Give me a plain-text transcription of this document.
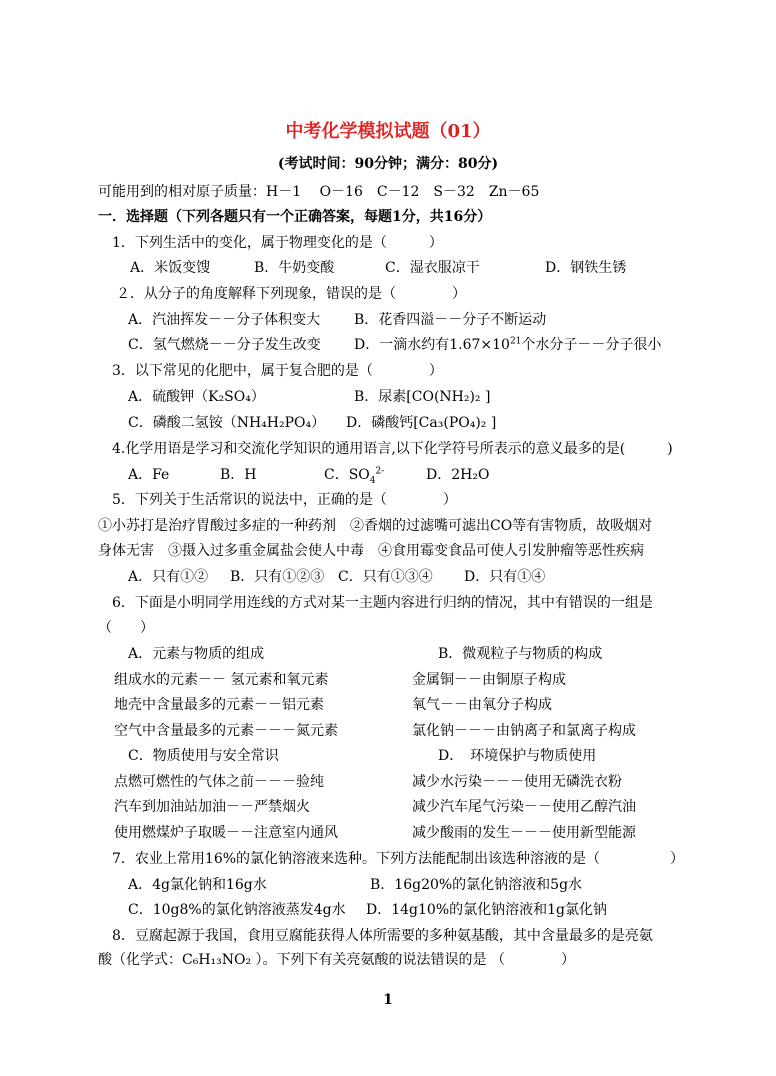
中考化学模拟试题（01）
(考试时间：90分钟；满分：80分)
可能用到的相对原子质量：H－1　 O－16　C－12　S－32　Zn－65
一．选择题（下列各题只有一个正确答案，每题1分，共16分）
1．下列生活中的变化，属于物理变化的是（　　　）
A．米饭变馊	B．牛奶变酸	C．湿衣服凉干	D．钢铁生锈
２．从分子的角度解释下列现象，错误的是（　　　　）
A．汽油挥发－－分子体积变大 B．花香四溢－－分子不断运动
C．氢气燃烧－－分子发生改变 D．一滴水约有$1.67\times 10^{21}$个水分子－－分子很小
3．以下常见的化肥中，属于复合肥的是（　　　　）
A．硫酸钾（K₂SO₄）	B．尿素[CO(NH₂)₂ ]
C．磷酸二氢铵（NH₄H₂PO₄） D．磷酸钙[Ca₃(PO₄)₂ ]
4.化学用语是学习和交流化学知识的通用语言,以下化学符号所表示的意义最多的是(　　　)
A．Fe	B．H	C．$SO_4^{2-}$	D．2H₂O
5．下列关于生活常识的说法中，正确的是（　　　　）
①小苏打是治疗胃酸过多症的一种药剂　②香烟的过滤嘴可滤出CO等有害物质，故吸烟对
身体无害　③摄入过多重金属盐会使人中毒　④食用霉变食品可使人引发肿瘤等恶性疾病
A．只有①② B．只有①②③ C．只有①③④ D．只有①④
6．下面是小明同学用连线的方式对某一主题内容进行归纳的情况，其中有错误的一组是
（　　）
A．元素与物质的组成	B．微观粒子与物质的构成
组成水的元素－－ 氢元素和氧元素	金属铜－－由铜原子构成
地壳中含量最多的元素－－铝元素	氧气－－由氧分子构成
空气中含量最多的元素－－－氮元素	氯化钠－－－由钠离子和氯离子构成
C．物质使用与安全常识	D．　环境保护与物质使用
点燃可燃性的气体之前－－－验纯	减少水污染－－－使用无磷洗衣粉
汽车到加油站加油－－严禁烟火	减少汽车尾气污染－－使用乙醇汽油
使用燃煤炉子取暖－－注意室内通风	减少酸雨的发生－－－使用新型能源
7．农业上常用16%的氯化钠溶液来选种。下列方法能配制出该选种溶液的是（　　　　　）
A．4g氯化钠和16g水	B．16g20%的氯化钠溶液和5g水
C．10g8%的氯化钠溶液蒸发4g水 D．14g10%的氯化钠溶液和1g氯化钠
8．豆腐起源于我国，食用豆腐能获得人体所需要的多种氨基酸，其中含量最多的是亮氨
酸（化学式：C₆H₁₃NO₂ ）。下列下有关亮氨酸的说法错误的是 （　　　　）
1
